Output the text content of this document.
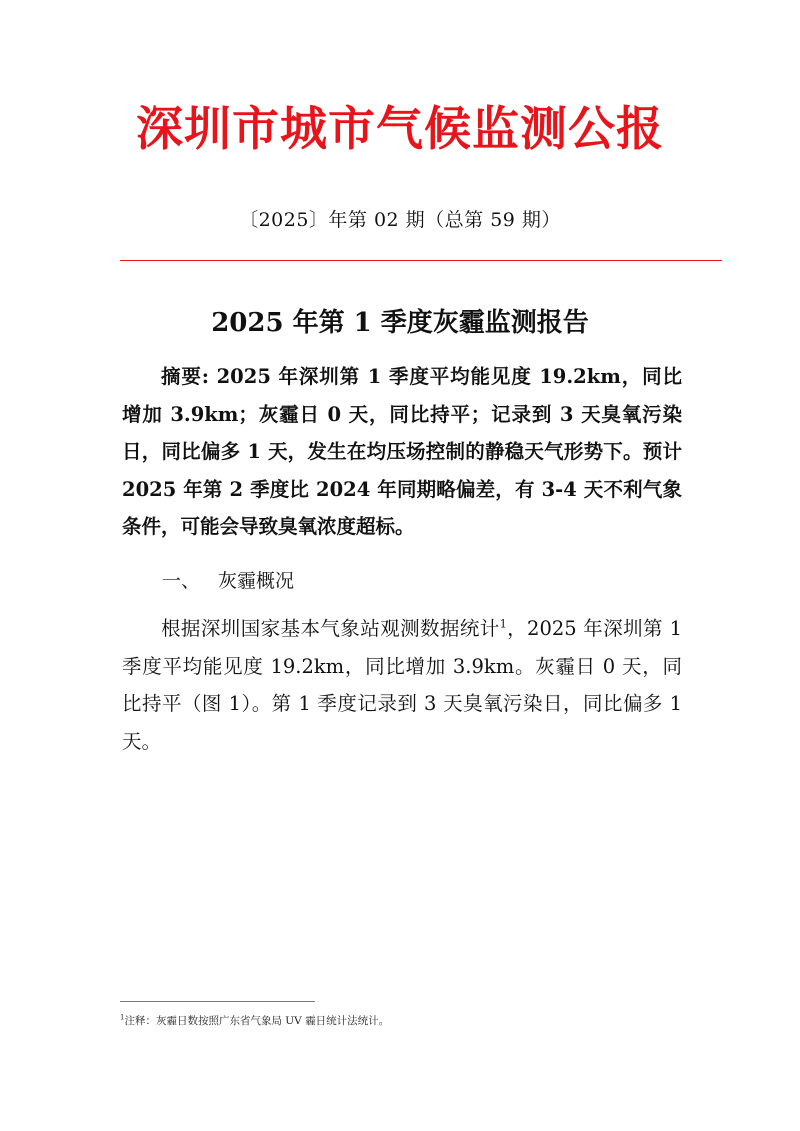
深圳市城市气候监测公报
〔2025〕年第 02 期（总第 59 期）
2025 年第 1 季度灰霾监测报告

摘要: 2025 年深圳第 1 季度平均能见度 19.2km，同比增加 3.9km；灰霾日 0 天，同比持平；记录到 3 天臭氧污染日，同比偏多 1 天，发生在均压场控制的静稳天气形势下。预计 2025 年第 2 季度比 2024 年同期略偏差，有 3-4 天不利气象条件，可能会导致臭氧浓度超标。

一、 灰霾概况

根据深圳国家基本气象站观测数据统计$^1$，2025 年深圳第 1 季度平均能见度 19.2km，同比增加 3.9km。灰霾日 0 天，同比持平（图 1）。第 1 季度记录到 3 天臭氧污染日，同比偏多 1 天。

$^1$注释：灰霾日数按照广东省气象局 UV 霾日统计法统计。
